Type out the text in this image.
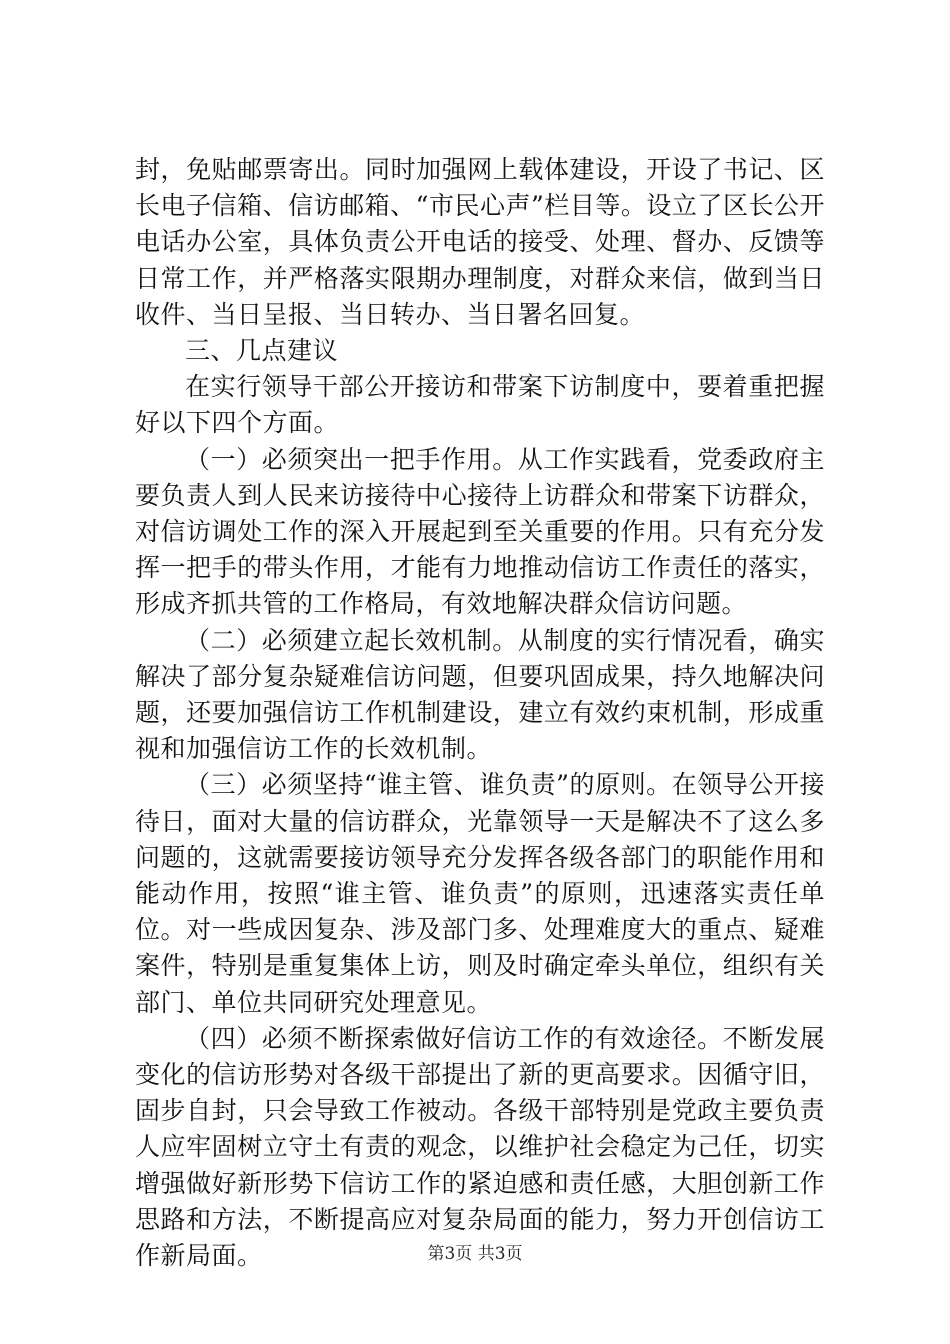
封，免贴邮票寄出。同时加强网上载体建设，开设了书记、区长电子信箱、信访邮箱、“市民心声”栏目等。设立了区长公开电话办公室，具体负责公开电话的接受、处理、督办、反馈等日常工作，并严格落实限期办理制度，对群众来信，做到当日收件、当日呈报、当日转办、当日署名回复。

三、几点建议

在实行领导干部公开接访和带案下访制度中，要着重把握好以下四个方面。

（一）必须突出一把手作用。从工作实践看，党委政府主要负责人到人民来访接待中心接待上访群众和带案下访群众，对信访调处工作的深入开展起到至关重要的作用。只有充分发挥一把手的带头作用，才能有力地推动信访工作责任的落实，形成齐抓共管的工作格局，有效地解决群众信访问题。

（二）必须建立起长效机制。从制度的实行情况看，确实解决了部分复杂疑难信访问题，但要巩固成果，持久地解决问题，还要加强信访工作机制建设，建立有效约束机制，形成重视和加强信访工作的长效机制。

（三）必须坚持“谁主管、谁负责”的原则。在领导公开接待日，面对大量的信访群众，光靠领导一天是解决不了这么多问题的，这就需要接访领导充分发挥各级各部门的职能作用和能动作用，按照“谁主管、谁负责”的原则，迅速落实责任单位。对一些成因复杂、涉及部门多、处理难度大的重点、疑难案件，特别是重复集体上访，则及时确定牵头单位，组织有关部门、单位共同研究处理意见。

（四）必须不断探索做好信访工作的有效途径。不断发展变化的信访形势对各级干部提出了新的更高要求。因循守旧，固步自封，只会导致工作被动。各级干部特别是党政主要负责人应牢固树立守土有责的观念，以维护社会稳定为己任，切实增强做好新形势下信访工作的紧迫感和责任感，大胆创新工作思路和方法，不断提高应对复杂局面的能力，努力开创信访工作新局面。	第3页 共3页
